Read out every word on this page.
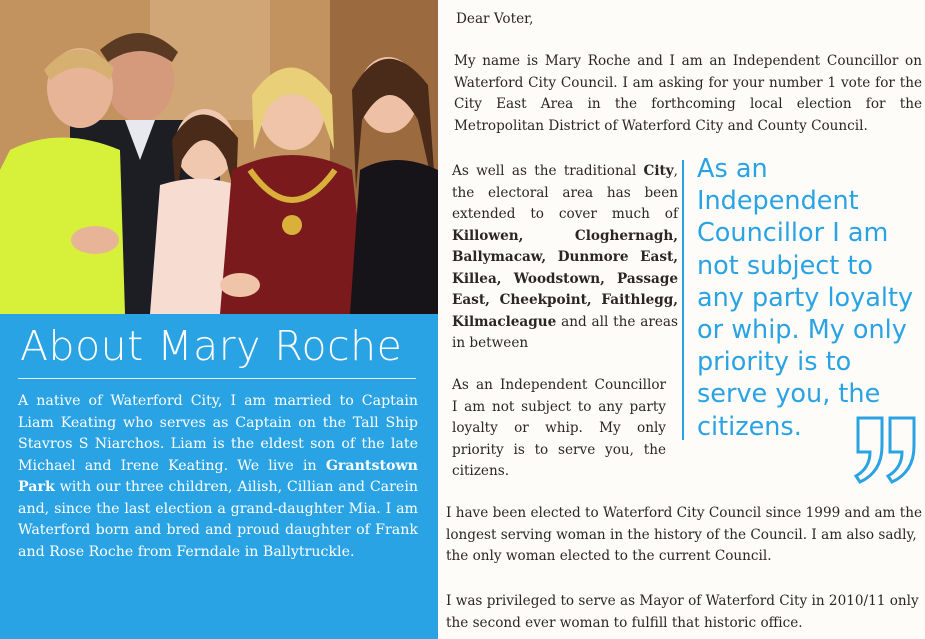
About Mary Roche
A native of Waterford City, I am married to Captain Liam Keating who serves as Captain on the Tall Ship Stavros S Niarchos. Liam is the eldest son of the late Michael and Irene Keating. We live in Grantstown Park with our three children, Ailish, Cillian and Carein and, since the last election a grand-daughter Mia. I am Waterford born and bred and proud daughter of Frank and Rose Roche from Ferndale in Ballytruckle.
Dear Voter,
My name is Mary Roche and I am an Independent Councillor on Waterford City Council. I am asking for your number 1 vote for the City East Area in the forthcoming local election for the Metropolitan District of Waterford City and County Council.
As well as the traditional City, the electoral area has been extended to cover much of Killowen, Cloghernagh, Ballymacaw, Dunmore East, Killea, Woodstown, Passage East, Cheekpoint, Faithlegg, Kilmacleague and all the areas in between
As an Independent Councillor I am not subject to any party loyalty or whip. My only priority is to serve you, the citizens.
As an Independent Councillor I am not subject to any party loyalty or whip. My only priority is to serve you, the citizens.
I have been elected to Waterford City Council since 1999 and am the longest serving woman in the history of the Council. I am also sadly, the only woman elected to the current Council.
I was privileged to serve as Mayor of Waterford City in 2010/11 only the second ever woman to fulfill that historic office.
